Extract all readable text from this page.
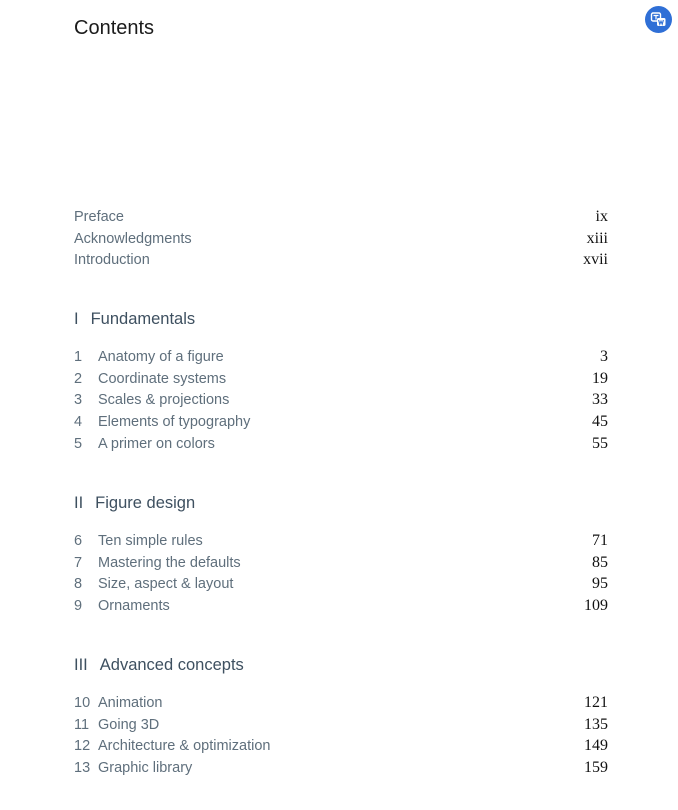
Contents
Preface	ix
Acknowledgments	xiii
Introduction	xvii
I Fundamentals
1 Anatomy of a figure	3
2 Coordinate systems	19
3 Scales & projections	33
4 Elements of typography	45
5 A primer on colors	55
II Figure design
6 Ten simple rules	71
7 Mastering the defaults	85
8 Size, aspect & layout	95
9 Ornaments	109
III Advanced concepts
10 Animation	121
11 Going 3D	135
12 Architecture & optimization	149
13 Graphic library	159
